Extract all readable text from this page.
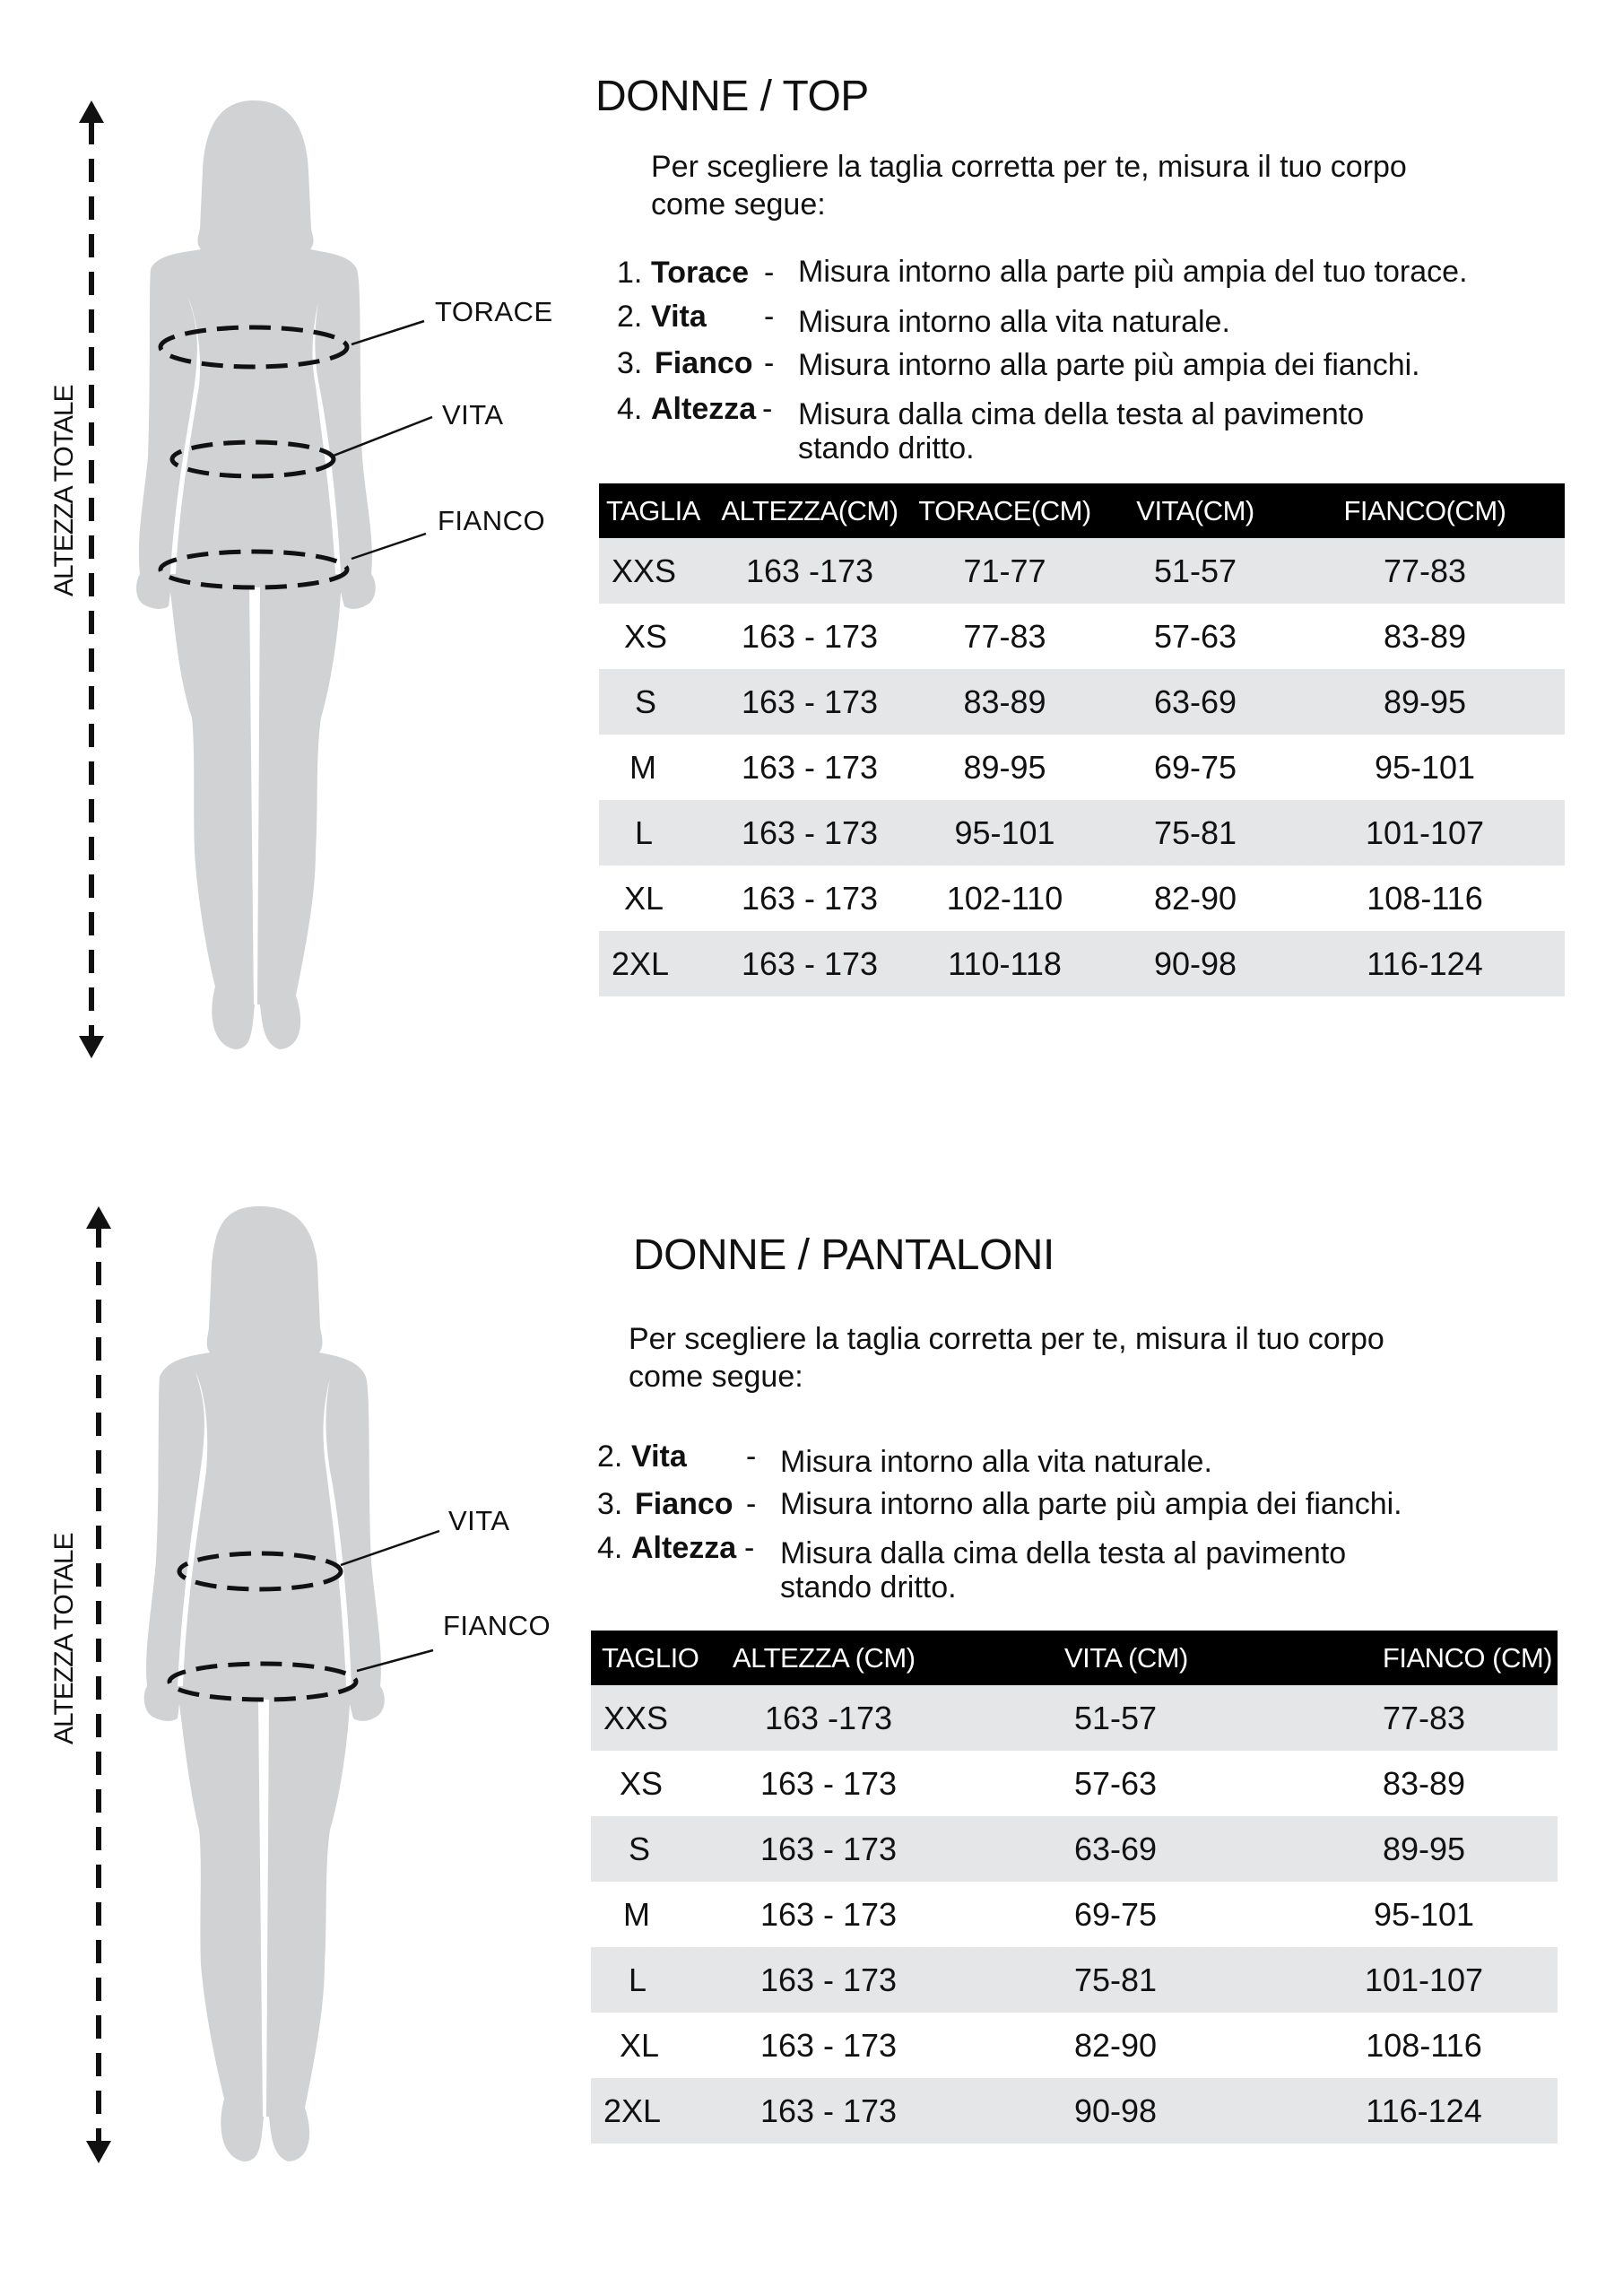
ALTEZZA TOTALE
TORACE
VITA
FIANCO
DONNE / TOP
Per scegliere la taglia corretta per te, misura il tuo corpo
come segue:
1. Torace - Misura intorno alla parte più ampia del tuo torace.
2. Vita - Misura intorno alla vita naturale.
3. Fianco - Misura intorno alla parte più ampia dei fianchi.
4. Altezza - Misura dalla cima della testa al pavimento
stando dritto.
TAGLIA	ALTEZZA(CM)	TORACE(CM)	VITA(CM)	FIANCO(CM)
XXS	163 -173	71-77	51-57	77-83
XS	163 - 173	77-83	57-63	83-89
S	163 - 173	83-89	63-69	89-95
M	163 - 173	89-95	69-75	95-101
L	163 - 173	95-101	75-81	101-107
XL	163 - 173	102-110	82-90	108-116
2XL	163 - 173	110-118	90-98	116-124
ALTEZZA TOTALE
VITA
FIANCO
DONNE / PANTALONI
Per scegliere la taglia corretta per te, misura il tuo corpo
come segue:
2. Vita - Misura intorno alla vita naturale.
3. Fianco - Misura intorno alla parte più ampia dei fianchi.
4. Altezza - Misura dalla cima della testa al pavimento
stando dritto.
TAGLIO	ALTEZZA (CM)	VITA (CM)	FIANCO (CM)
XXS	163 -173	51-57	77-83
XS	163 - 173	57-63	83-89
S	163 - 173	63-69	89-95
M	163 - 173	69-75	95-101
L	163 - 173	75-81	101-107
XL	163 - 173	82-90	108-116
2XL	163 - 173	90-98	116-124
